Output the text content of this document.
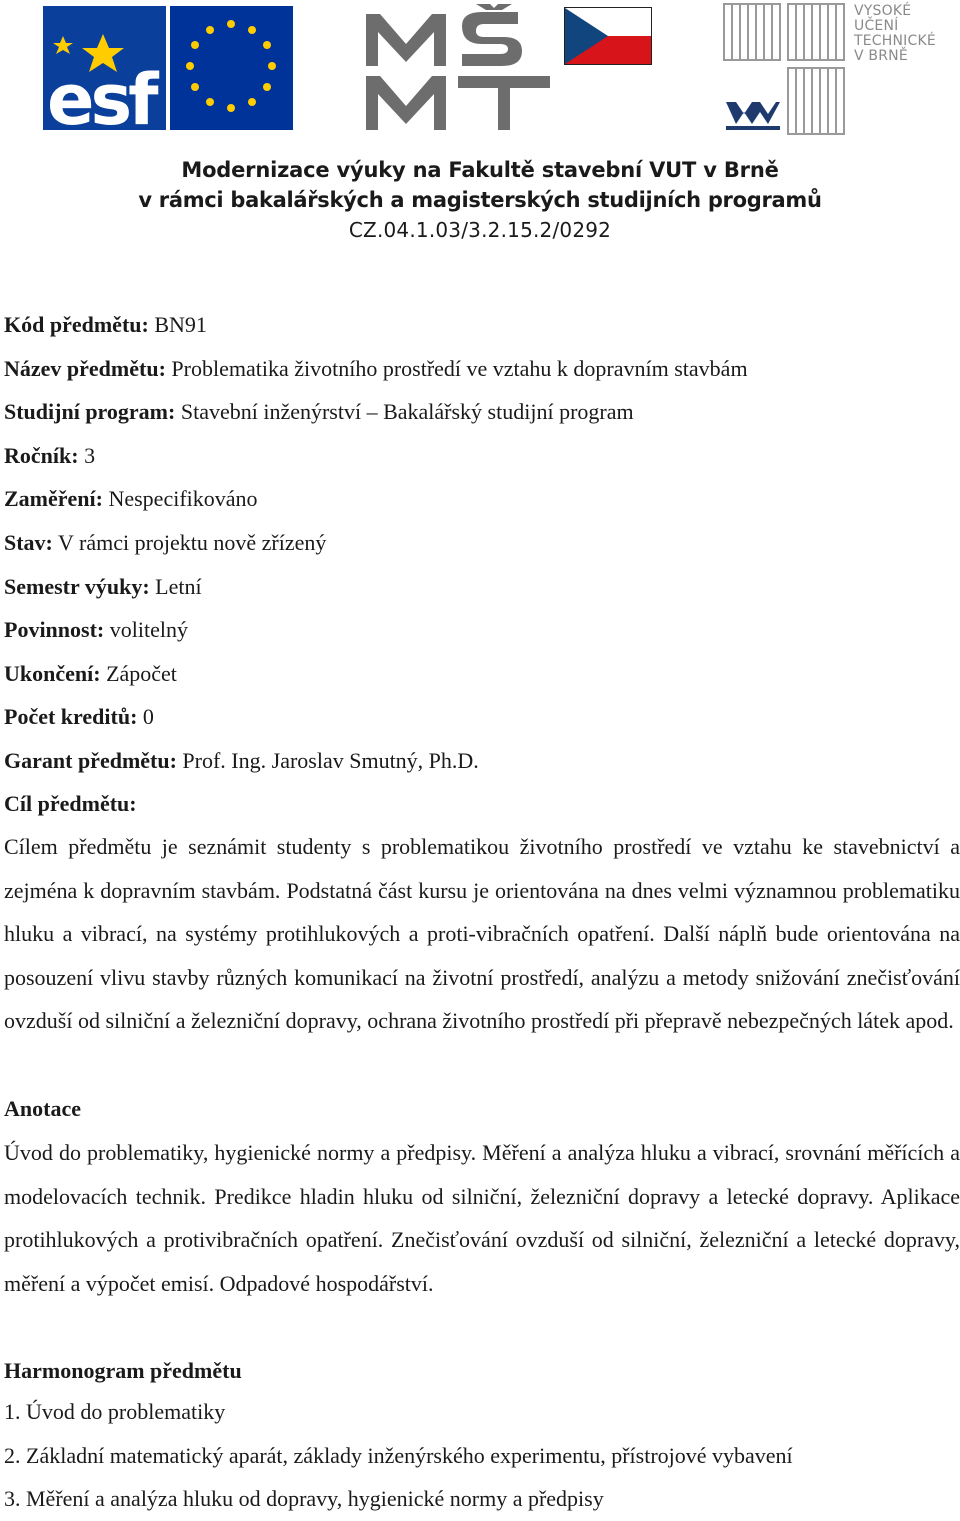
esf
VYSOKÉ
UČENÍ
TECHNICKÉ
V BRNĚ
Modernizace výuky na Fakultě stavební VUT v Brně
v rámci bakalářských a magisterských studijních programů
CZ.04.1.03/3.2.15.2/0292
Kód předmětu: BN91
Název předmětu: Problematika životního prostředí ve vztahu k dopravním stavbám
Studijní program: Stavební inženýrství – Bakalářský studijní program
Ročník: 3
Zaměření: Nespecifikováno
Stav: V rámci projektu nově zřízený
Semestr výuky: Letní
Povinnost: volitelný
Ukončení: Zápočet
Počet kreditů: 0
Garant předmětu: Prof. Ing. Jaroslav Smutný, Ph.D.
Cíl předmětu:
Cílem předmětu je seznámit studenty s problematikou životního prostředí ve vztahu ke stavebnictví a zejména k dopravním stavbám. Podstatná část kursu je orientována na dnes velmi významnou problematiku hluku a vibrací, na systémy protihlukových a proti-vibračních opatření. Další náplň bude orientována na posouzení vlivu stavby různých komunikací na životní prostředí, analýzu a metody snižování znečisťování ovzduší od silniční a železniční dopravy, ochrana životního prostředí při přepravě nebezpečných látek apod.
Anotace
Úvod do problematiky, hygienické normy a předpisy. Měření a analýza hluku a vibrací, srovnání měřících a modelovacích technik. Predikce hladin hluku od silniční, železniční dopravy a letecké dopravy. Aplikace protihlukových a protivibračních opatření. Znečisťování ovzduší od silniční, železniční a letecké dopravy, měření a výpočet emisí. Odpadové hospodářství.
Harmonogram předmětu
1. Úvod do problematiky
2. Základní matematický aparát, základy inženýrského experimentu, přístrojové vybavení
3. Měření a analýza hluku od dopravy, hygienické normy a předpisy
